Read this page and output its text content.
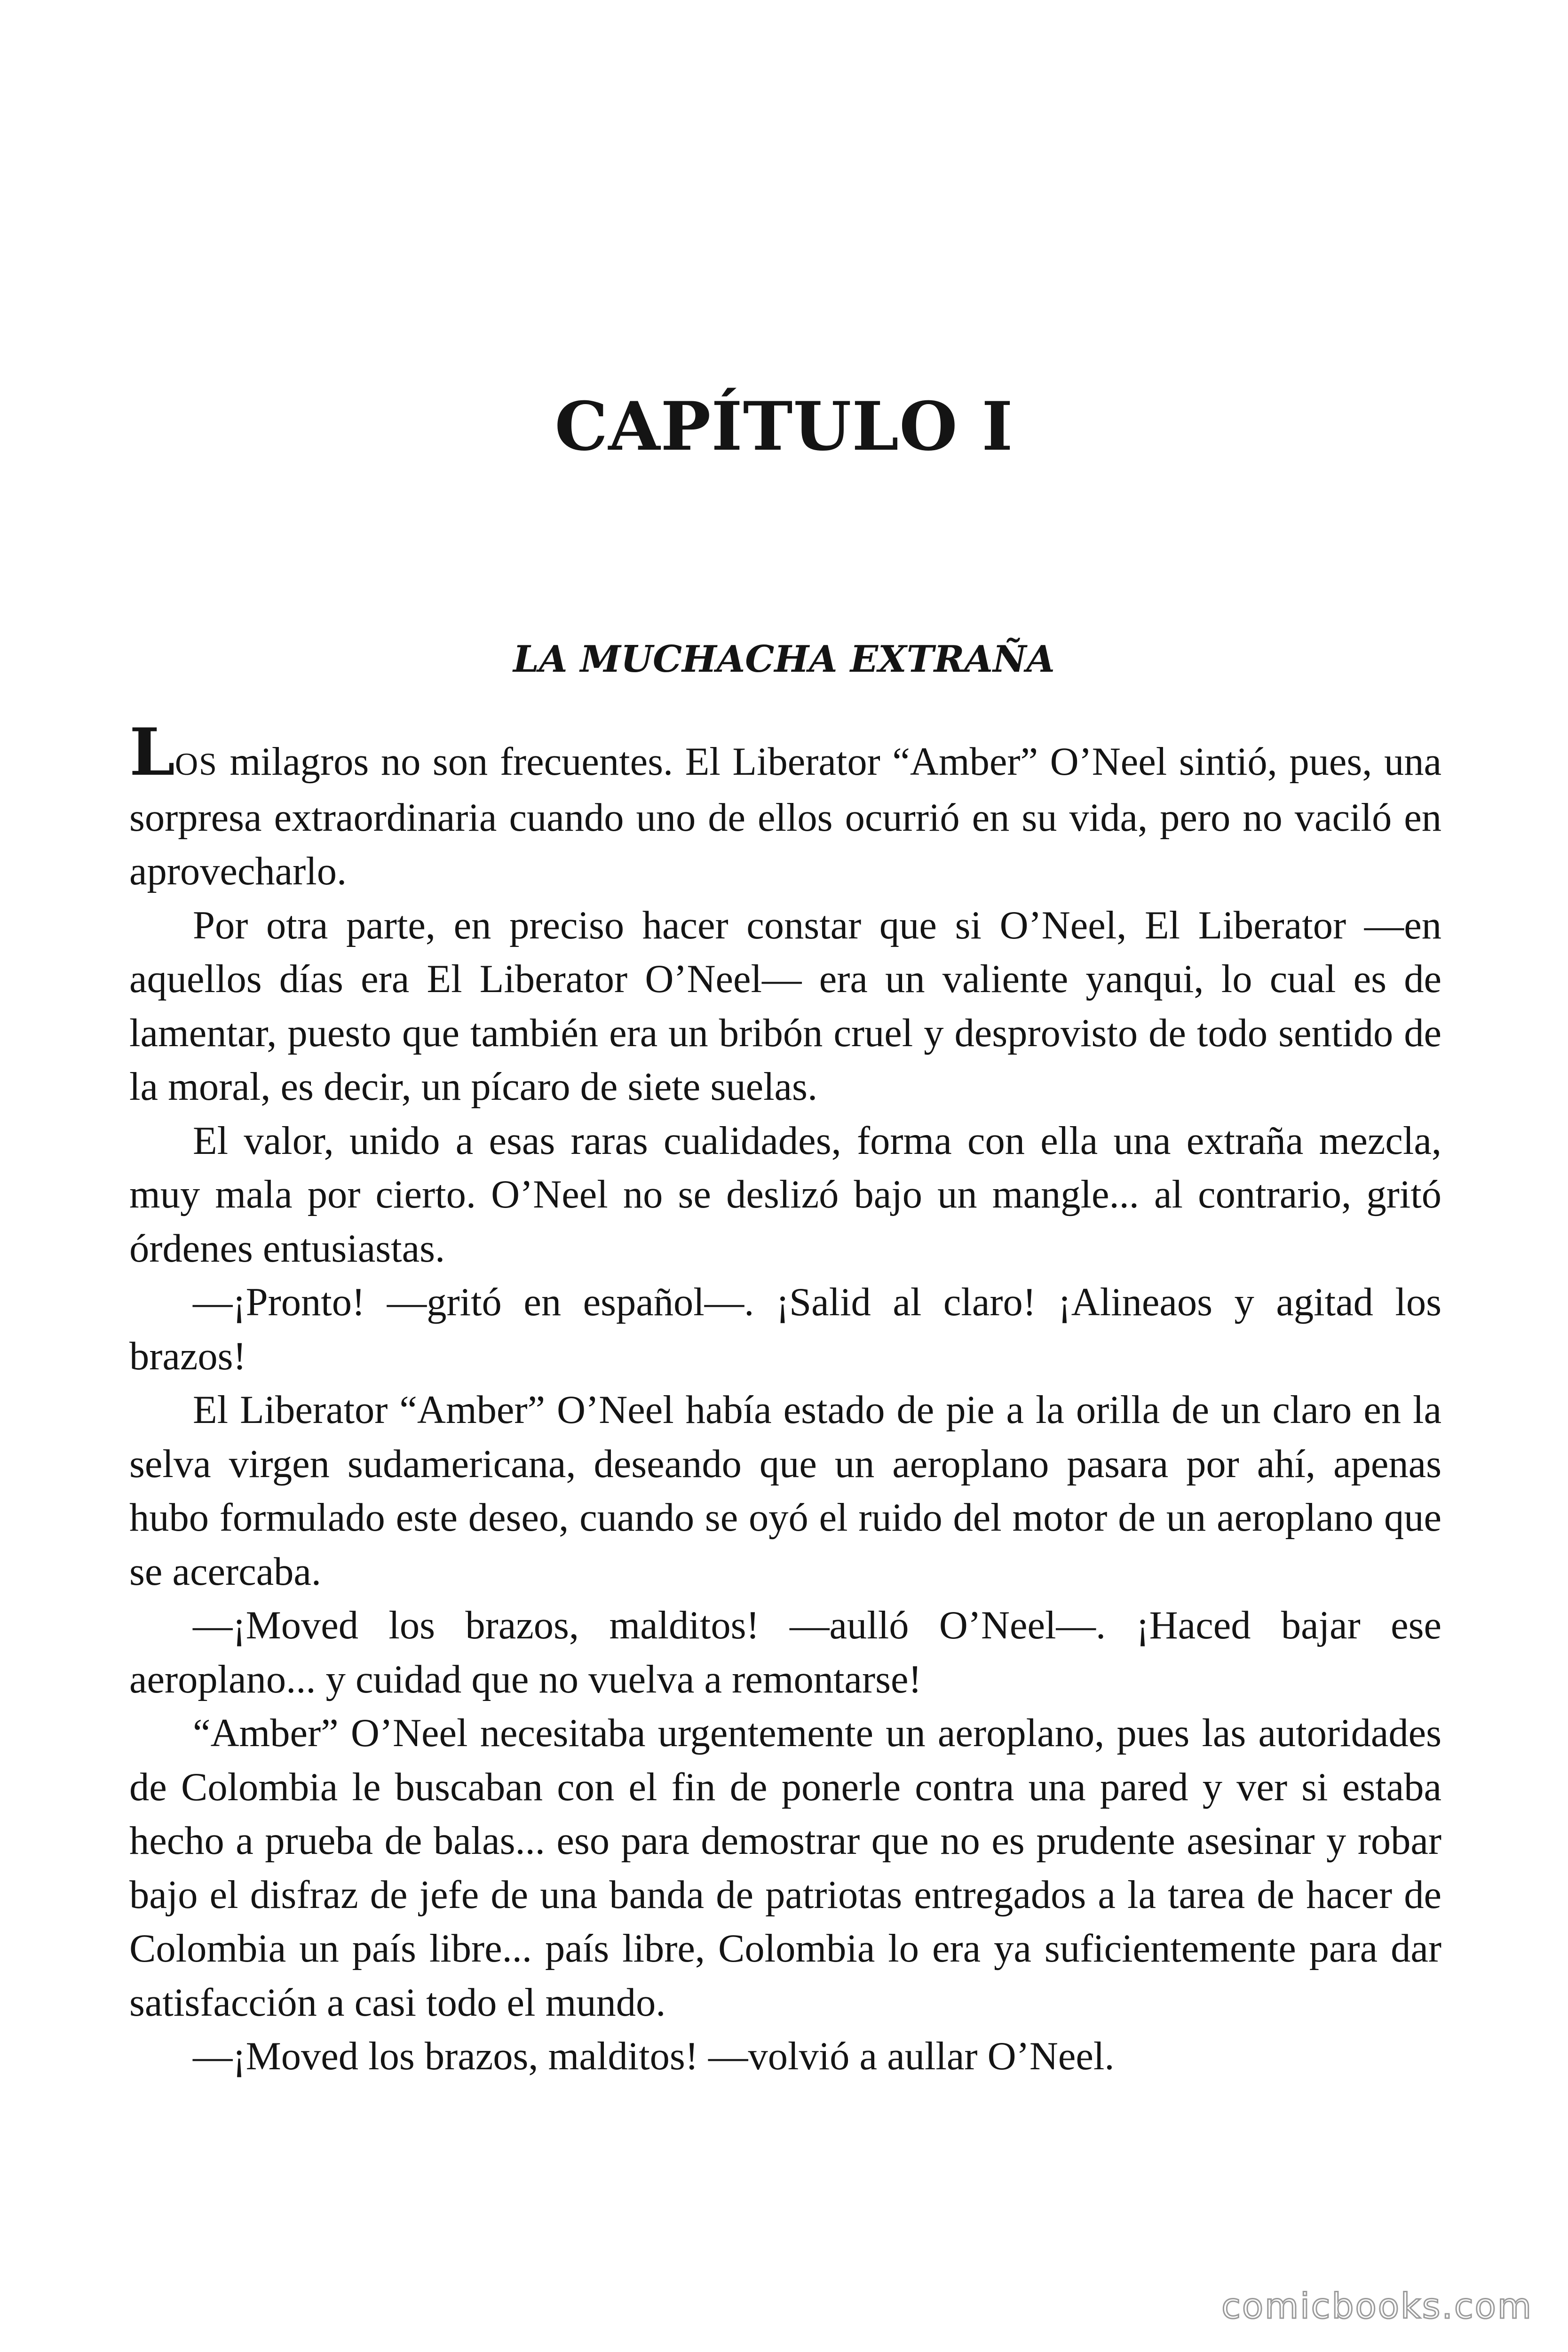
CAPÍTULO I
LA MUCHACHA EXTRAÑA

LOS milagros no son frecuentes. El Liberator “Amber” O’Neel sintió, pues, una sorpresa extraordinaria cuando uno de ellos ocurrió en su vida, pero no vaciló en aprovecharlo.

Por otra parte, en preciso hacer constar que si O’Neel, El Liberator —en aquellos días era El Liberator O’Neel— era un valiente yanqui, lo cual es de lamentar, puesto que también era un bribón cruel y desprovisto de todo sentido de la moral, es decir, un pícaro de siete suelas.

El valor, unido a esas raras cualidades, forma con ella una extraña mezcla, muy mala por cierto. O’Neel no se deslizó bajo un mangle... al contrario, gritó órdenes entusiastas.

—¡Pronto! —gritó en español—. ¡Salid al claro! ¡Alineaos y agitad los brazos!

El Liberator “Amber” O’Neel había estado de pie a la orilla de un claro en la selva virgen sudamericana, deseando que un aeroplano pasara por ahí, apenas hubo formulado este deseo, cuando se oyó el ruido del motor de un aeroplano que se acercaba.

—¡Moved los brazos, malditos! —aulló O’Neel—. ¡Haced bajar ese aeroplano... y cuidad que no vuelva a remontarse!

“Amber” O’Neel necesitaba urgentemente un aeroplano, pues las autoridades de Colombia le buscaban con el fin de ponerle contra una pared y ver si estaba hecho a prueba de balas... eso para demostrar que no es prudente asesinar y robar bajo el disfraz de jefe de una banda de patriotas entregados a la tarea de hacer de Colombia un país libre... país libre, Colombia lo era ya suficientemente para dar satisfacción a casi todo el mundo.

—¡Moved los brazos, malditos! —volvió a aullar O’Neel.

comicbooks.com
